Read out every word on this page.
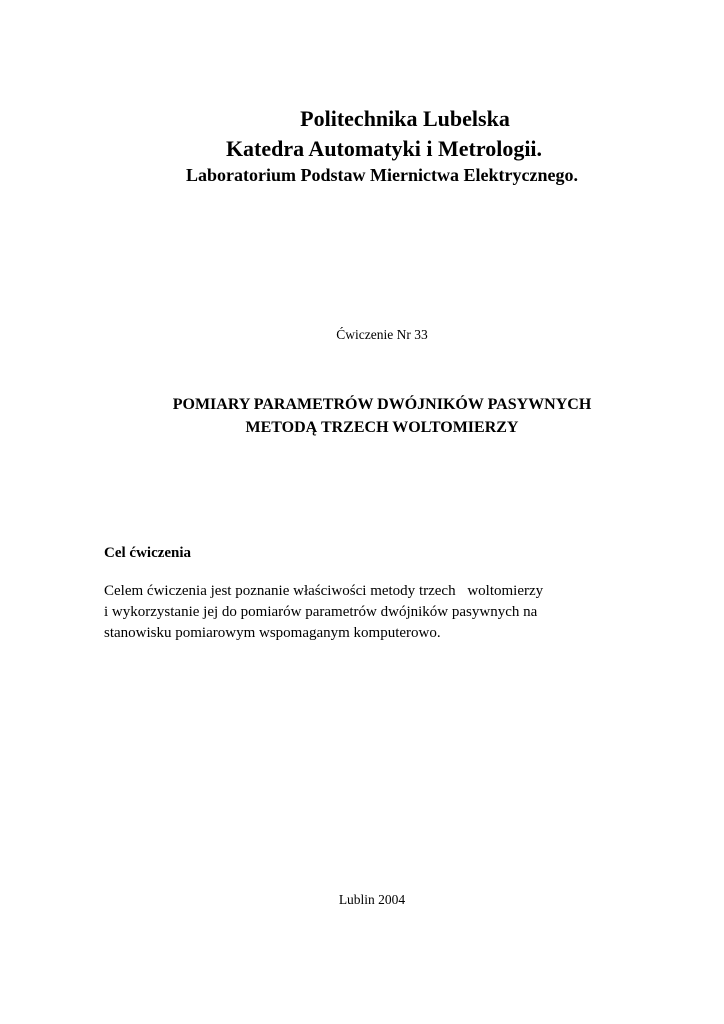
Politechnika Lubelska
Katedra Automatyki i Metrologii.
Laboratorium Podstaw Miernictwa Elektrycznego.
Ćwiczenie Nr 33
POMIARY PARAMETRÓW DWÓJNIKÓW PASYWNYCH
METODĄ TRZECH WOLTOMIERZY
Cel ćwiczenia
Celem ćwiczenia jest poznanie właściwości metody trzech woltomierzy
i wykorzystanie jej do pomiarów parametrów dwójników pasywnych na
stanowisku pomiarowym wspomaganym komputerowo.
Lublin 2004
